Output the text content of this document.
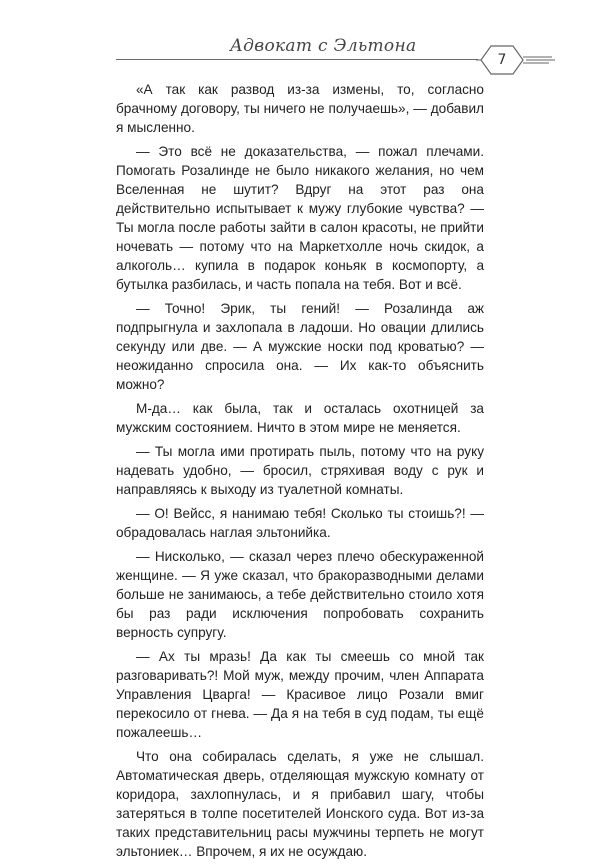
Адвокат с Эльтона
7

«А так как развод из-за измены, то, согласно брачному договору, ты ничего не получаешь», — добавил я мысленно.

— Это всё не доказательства, — пожал плечами. Помогать Розалинде не было никакого желания, но чем Вселенная не шутит? Вдруг на этот раз она действительно испытывает к мужу глубокие чувства? — Ты могла после работы зайти в салон красоты, не прийти ночевать — потому что на Маркетхолле ночь скидок, а алкоголь… купила в подарок коньяк в космопорту, а бутылка разбилась, и часть попала на тебя. Вот и всё.

— Точно! Эрик, ты гений! — Розалинда аж подпрыгнула и захлопала в ладоши. Но овации длились секунду или две. — А мужские носки под кроватью? — неожиданно спросила она. — Их как-то объяснить можно?

М-да… как была, так и осталась охотницей за мужским состоянием. Ничто в этом мире не меняется.

— Ты могла ими протирать пыль, потому что на руку надевать удобно, — бросил, стряхивая воду с рук и направляясь к выходу из туалетной комнаты.

— О! Вейсс, я нанимаю тебя! Сколько ты стоишь?! — обрадовалась наглая эльтонийка.

— Нисколько, — сказал через плечо обескураженной женщине. — Я уже сказал, что бракоразводными делами больше не занимаюсь, а тебе действительно стоило хотя бы раз ради исключения попробовать сохранить верность супругу.

— Ах ты мразь! Да как ты смеешь со мной так разговаривать?! Мой муж, между прочим, член Аппарата Управления Цварга! — Красивое лицо Розали вмиг перекосило от гнева. — Да я на тебя в суд подам, ты ещё пожалеешь…

Что она собиралась сделать, я уже не слышал. Автоматическая дверь, отделяющая мужскую комнату от коридора, захлопнулась, и я прибавил шагу, чтобы затеряться в толпе посетителей Ионского суда. Вот из-за таких представительниц расы мужчины терпеть не могут эльтониек… Впрочем, я их не осуждаю.
